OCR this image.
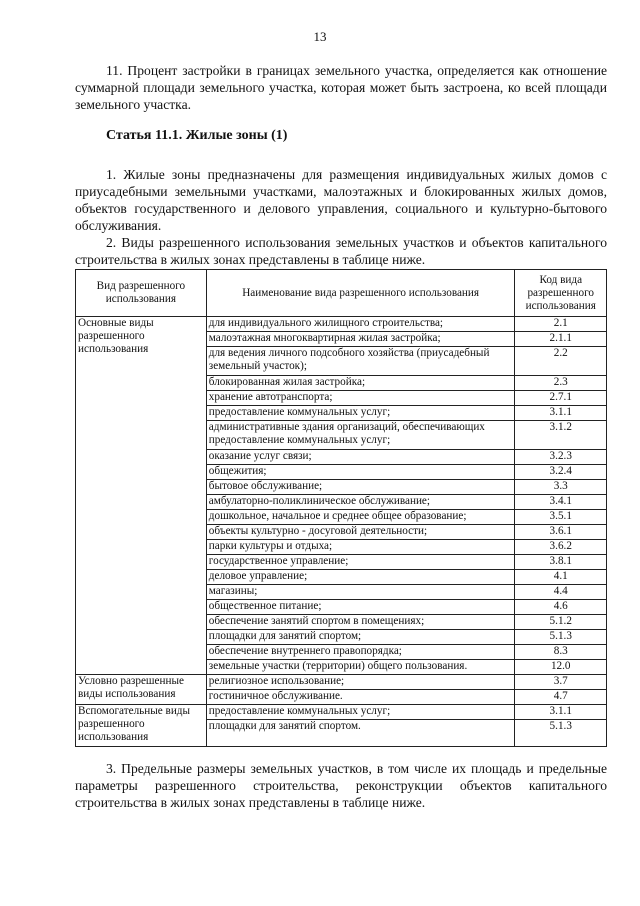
13

11. Процент застройки в границах земельного участка, определяется как отношение суммарной площади земельного участка, которая может быть застроена, ко всей площади земельного участка.

Статья 11.1. Жилые зоны (1)

1. Жилые зоны предназначены для размещения индивидуальных жилых домов с приусадебными земельными участками, малоэтажных и блокированных жилых домов, объектов государственного и делового управления, социального и культурно-бытового обслуживания.

2. Виды разрешенного использования земельных участков и объектов капитального строительства в жилых зонах представлены в таблице ниже.

Вид разрешенного использования	Наименование вида разрешенного использования	Код вида разрешенного использования
Основные виды разрешенного использования	для индивидуального жилищного строительства;	2.1
	малоэтажная многоквартирная жилая застройка;	2.1.1
	для ведения личного подсобного хозяйства (приусадебный земельный участок);	2.2
	блокированная жилая застройка;	2.3
	хранение автотранспорта;	2.7.1
	предоставление коммунальных услуг;	3.1.1
	административные здания организаций, обеспечивающих предоставление коммунальных услуг;	3.1.2
	оказание услуг связи;	3.2.3
	общежития;	3.2.4
	бытовое обслуживание;	3.3
	амбулаторно-поликлиническое обслуживание;	3.4.1
	дошкольное, начальное и среднее общее образование;	3.5.1
	объекты культурно - досуговой деятельности;	3.6.1
	парки культуры и отдыха;	3.6.2
	государственное управление;	3.8.1
	деловое управление;	4.1
	магазины;	4.4
	общественное питание;	4.6
	обеспечение занятий спортом в помещениях;	5.1.2
	площадки для занятий спортом;	5.1.3
	обеспечение внутреннего правопорядка;	8.3
	земельные участки (территории) общего пользования.	12.0
Условно разрешенные виды использования	религиозное использование;	3.7
	гостиничное обслуживание.	4.7
Вспомогательные виды разрешенного использования	предоставление коммунальных услуг;	3.1.1
	площадки для занятий спортом.	5.1.3

3. Предельные размеры земельных участков, в том числе их площадь и предельные параметры разрешенного строительства, реконструкции объектов капитального строительства в жилых зонах представлены в таблице ниже.
